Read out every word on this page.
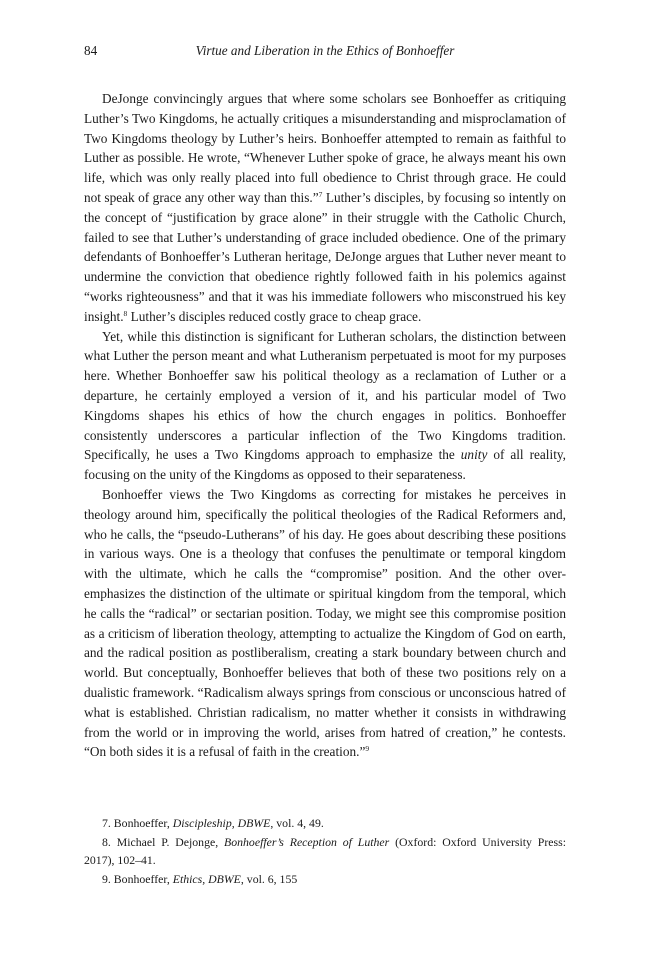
84	Virtue and Liberation in the Ethics of Bonhoeffer

DeJonge convincingly argues that where some scholars see Bonhoeffer as critiquing Luther’s Two Kingdoms, he actually critiques a misunderstanding and misproclamation of Two Kingdoms theology by Luther’s heirs. Bonhoeffer attempted to remain as faithful to Luther as possible. He wrote, “Whenever Luther spoke of grace, he always meant his own life, which was only really placed into full obedience to Christ through grace. He could not speak of grace any other way than this.”$^7$ Luther’s disciples, by focusing so intently on the concept of “justification by grace alone” in their struggle with the Catholic Church, failed to see that Luther’s understanding of grace included obedience. One of the primary defendants of Bonhoeffer’s Lutheran heritage, DeJonge argues that Luther never meant to undermine the conviction that obedience rightly followed faith in his polemics against “works righteousness” and that it was his immediate followers who misconstrued his key insight.$^8$ Luther’s disciples reduced costly grace to cheap grace.

Yet, while this distinction is significant for Lutheran scholars, the distinction between what Luther the person meant and what Lutheranism perpetuated is moot for my purposes here. Whether Bonhoeffer saw his political theology as a reclamation of Luther or a departure, he certainly employed a version of it, and his particular model of Two Kingdoms shapes his ethics of how the church engages in politics. Bonhoeffer consistently underscores a particular inflection of the Two Kingdoms tradition. Specifically, he uses a Two Kingdoms approach to emphasize the unity of all reality, focusing on the unity of the Kingdoms as opposed to their separateness.

Bonhoeffer views the Two Kingdoms as correcting for mistakes he perceives in theology around him, specifically the political theologies of the Radical Reformers and, who he calls, the “pseudo-Lutherans” of his day. He goes about describing these positions in various ways. One is a theology that confuses the penultimate or temporal kingdom with the ultimate, which he calls the “compromise” position. And the other over-emphasizes the distinction of the ultimate or spiritual kingdom from the temporal, which he calls the “radical” or sectarian position. Today, we might see this compromise position as a criticism of liberation theology, attempting to actualize the Kingdom of God on earth, and the radical position as postliberalism, creating a stark boundary between church and world. But conceptually, Bonhoeffer believes that both of these two positions rely on a dualistic framework. “Radicalism always springs from conscious or unconscious hatred of what is established. Christian radicalism, no matter whether it consists in withdrawing from the world or in improving the world, arises from hatred of creation,” he contests. “On both sides it is a refusal of faith in the creation.”$^9$

7. Bonhoeffer, Discipleship, DBWE, vol. 4, 49.

8. Michael P. Dejonge, Bonhoeffer’s Reception of Luther (Oxford: Oxford University Press: 2017), 102–41.

9. Bonhoeffer, Ethics, DBWE, vol. 6, 155
